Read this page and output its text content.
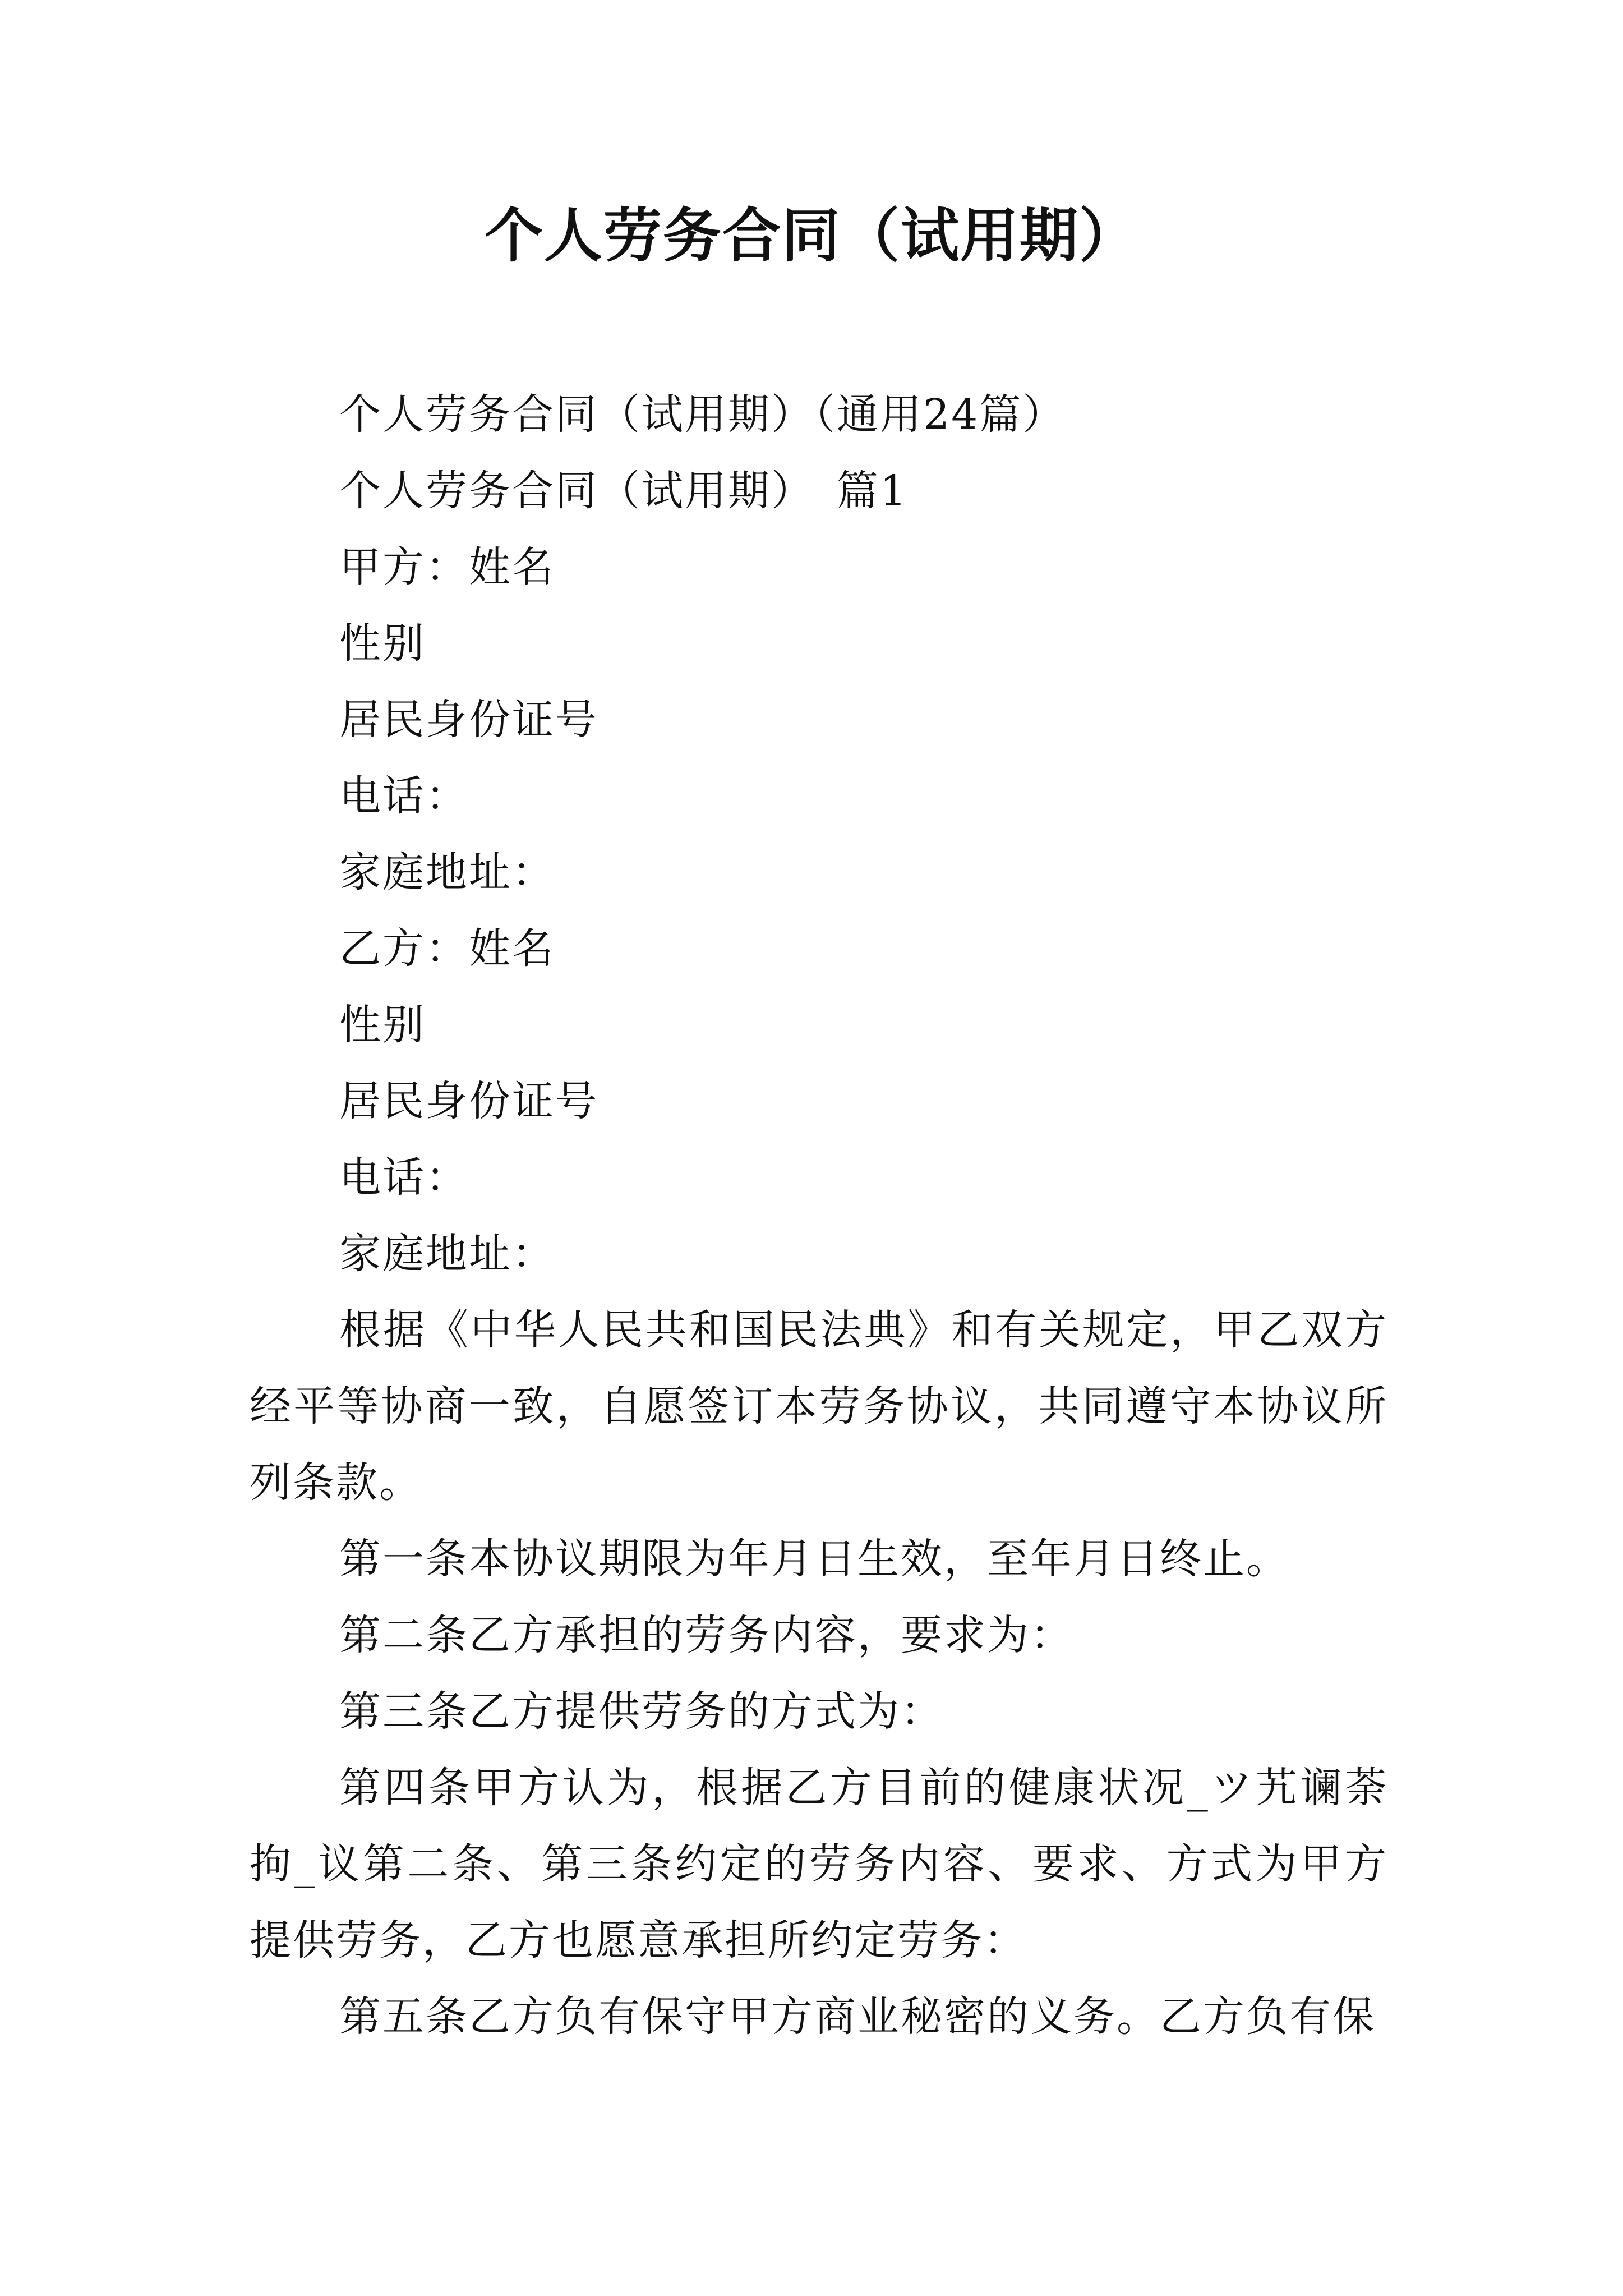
个人劳务合同（试用期）

个人劳务合同（试用期）（通用24篇）

个人劳务合同（试用期）　篇1

甲方：姓名

性别

居民身份证号

电话：

家庭地址：

乙方：姓名

性别

居民身份证号

电话：

家庭地址：

根据《中华人民共和国民法典》和有关规定，甲乙双方经平等协商一致，自愿签订本劳务协议，共同遵守本协议所列条款。

第一条本协议期限为年月日生效，至年月日终止。

第二条乙方承担的劳务内容，要求为：

第三条乙方提供劳务的方式为：

第四条甲方认为，根据乙方目前的健康状况_ツ艽谰荼拘_议第二条、第三条约定的劳务内容、要求、方式为甲方提供劳务，乙方也愿意承担所约定劳务：

第五条乙方负有保守甲方商业秘密的义务。乙方负有保
